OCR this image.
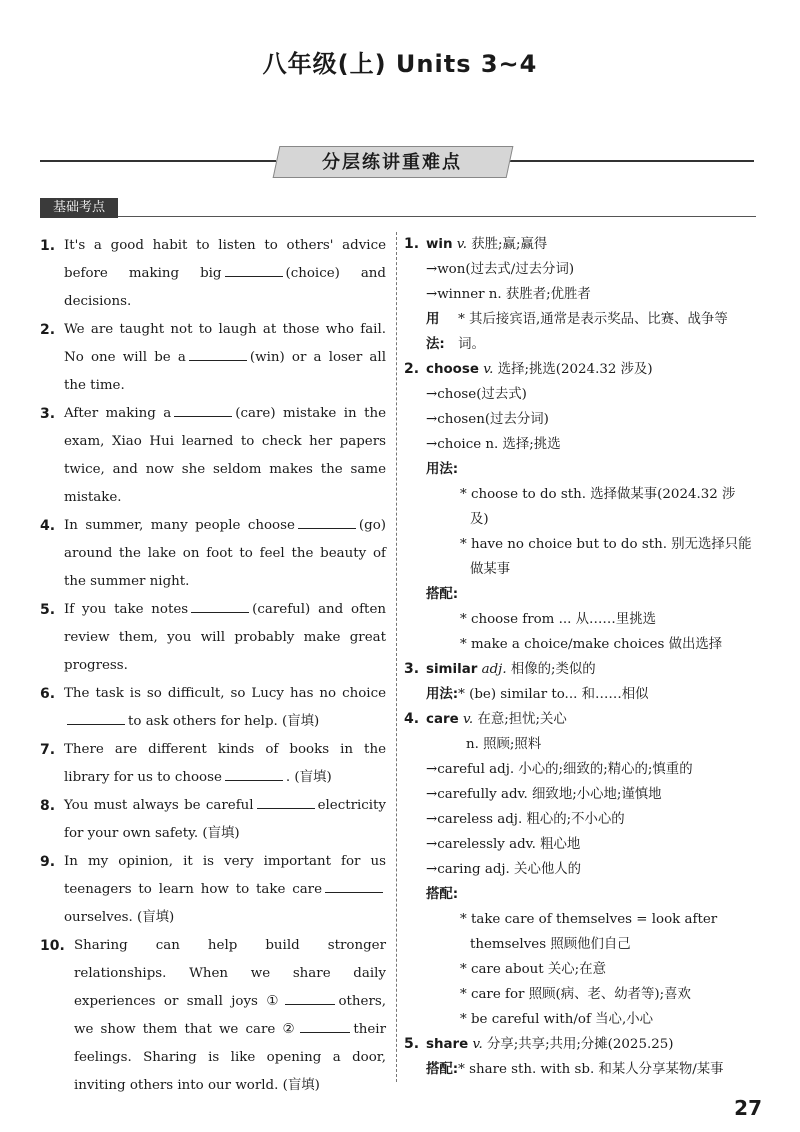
八年级(上) Units 3~4
分层练讲重难点
基础考点
1. It's a good habit to listen to others' advice before making big	(choice) and decisions.
2. We are taught not to laugh at those who fail. No one will be a	(win) or a loser all the time.
3. After making a	(care) mistake in the exam, Xiao Hui learned to check her papers twice, and now she seldom makes the same mistake.
4. In summer, many people choose	(go) around the lake on foot to feel the beauty of the summer night.
5. If you take notes	(careful) and often review them, you will probably make great progress.
6. The task is so difficult, so Lucy has no choiceto ask others for help. (盲填)
7. There are different kinds of books in the library for us to choose	. (盲填)
8. You must always be careful	electricity for your own safety. (盲填)
9. In my opinion, it is very important for us teenagers to learn how to take careourselves. (盲填)
10. Sharing can help build stronger relationships. When we share daily experiences or small joys ①	others, we show them that we care ②	their feelings. Sharing is like opening a door, inviting others into our world. (盲填)
1. win v. 获胜;赢;赢得
→won(过去式/过去分词)
→winner n. 获胜者;优胜者
用法:
* 其后接宾语,通常是表示奖品、比赛、战争等词。
2. choose v. 选择;挑选(2024.32 涉及)
→chose(过去式)
→chosen(过去分词)
→choice n. 选择;挑选
用法:
* choose to do sth. 选择做某事(2024.32 涉及)
* have no choice but to do sth. 别无选择只能做某事
搭配:
* choose from ... 从……里挑选
* make a choice/make choices 做出选择
3. similar adj. 相像的;类似的
用法:* (be) similar to... 和……相似
4. care v. 在意;担忧;关心
n. 照顾;照料
→careful adj. 小心的;细致的;精心的;慎重的
→carefully adv. 细致地;小心地;谨慎地
→careless adj. 粗心的;不小心的
→carelessly adv. 粗心地
→caring adj. 关心他人的
搭配:
* take care of themselves = look after themselves 照顾他们自己
* care about 关心;在意
* care for 照顾(病、老、幼者等);喜欢
* be careful with/of 当心,小心
5. share v. 分享;共享;共用;分摊(2025.25)
搭配:* share sth. with sb. 和某人分享某物/某事
27
